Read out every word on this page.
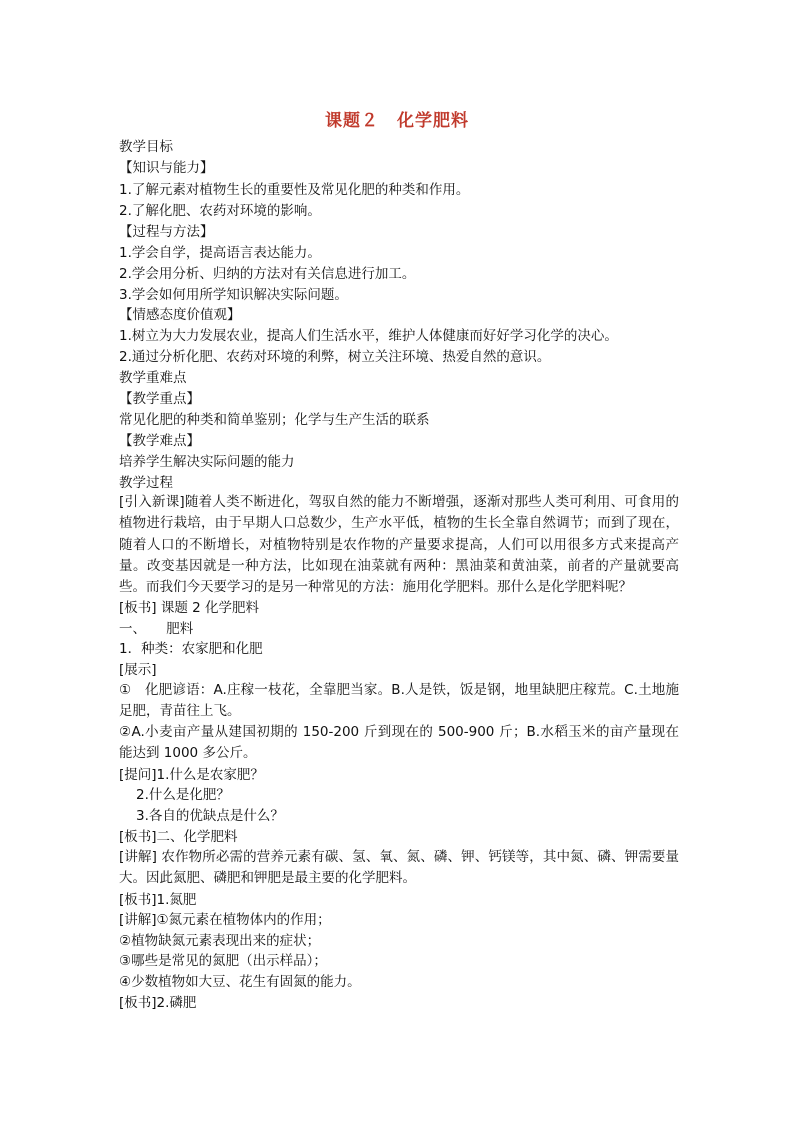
课题２　化学肥料
教学目标
【知识与能力】
1.了解元素对植物生长的重要性及常见化肥的种类和作用。
2.了解化肥、农药对环境的影响。
【过程与方法】
1.学会自学，提高语言表达能力。
2.学会用分析、归纳的方法对有关信息进行加工。
3.学会如何用所学知识解决实际问题。
【情感态度价值观】
1.树立为大力发展农业，提高人们生活水平，维护人体健康而好好学习化学的决心。
2.通过分析化肥、农药对环境的利弊，树立关注环境、热爱自然的意识。
教学重难点
【教学重点】
常见化肥的种类和简单鉴别；化学与生产生活的联系
【教学难点】
培养学生解决实际问题的能力
教学过程
[引入新课]随着人类不断进化，驾驭自然的能力不断增强，逐渐对那些人类可利用、可食用的植物进行栽培，由于早期人口总数少，生产水平低，植物的生长全靠自然调节；而到了现在，随着人口的不断增长，对植物特别是农作物的产量要求提高，人们可以用很多方式来提高产量。改变基因就是一种方法，比如现在油菜就有两种：黑油菜和黄油菜，前者的产量就要高些。而我们今天要学习的是另一种常见的方法：施用化学肥料。那什么是化学肥料呢？
[板书] 课题 2 化学肥料
一、　　肥料
1．种类：农家肥和化肥
[展示]
①　化肥谚语：A.庄稼一枝花，全靠肥当家。B.人是铁，饭是钢，地里缺肥庄稼荒。C.土地施足肥，青苗往上飞。
②A.小麦亩产量从建国初期的 150-200 斤到现在的 500-900 斤；B.水稻玉米的亩产量现在能达到 1000 多公斤。
[提问]1.什么是农家肥？
2.什么是化肥？
3.各自的优缺点是什么？
[板书]二、化学肥料
[讲解] 农作物所必需的营养元素有碳、氢、氧、氮、磷、钾、钙镁等，其中氮、磷、钾需要量大。因此氮肥、磷肥和钾肥是最主要的化学肥料。
[板书]1.氮肥
[讲解]①氮元素在植物体内的作用；
②植物缺氮元素表现出来的症状；
③哪些是常见的氮肥（出示样品）；
④少数植物如大豆、花生有固氮的能力。
[板书]2.磷肥
